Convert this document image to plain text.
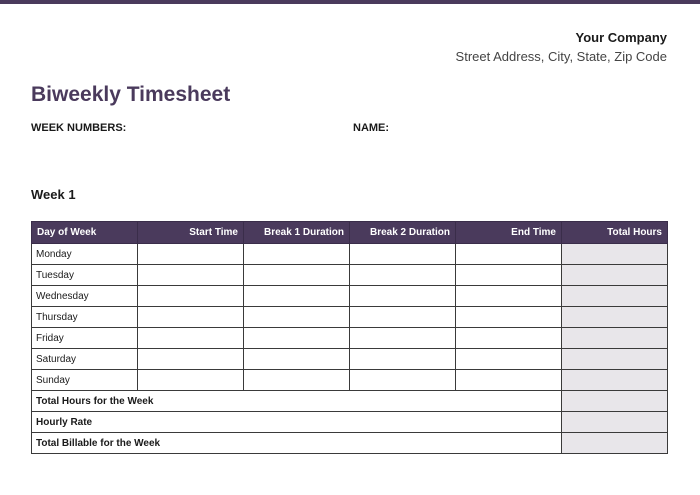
Your Company
Street Address, City, State, Zip Code
Biweekly Timesheet
WEEK NUMBERS:	NAME:
Week 1
Day of Week	Start Time	Break 1 Duration	Break 2 Duration	End Time	Total Hours
Monday					
Tuesday					
Wednesday					
Thursday					
Friday					
Saturday					
Sunday					
Total Hours for the Week					
Hourly Rate					
Total Billable for the Week					
